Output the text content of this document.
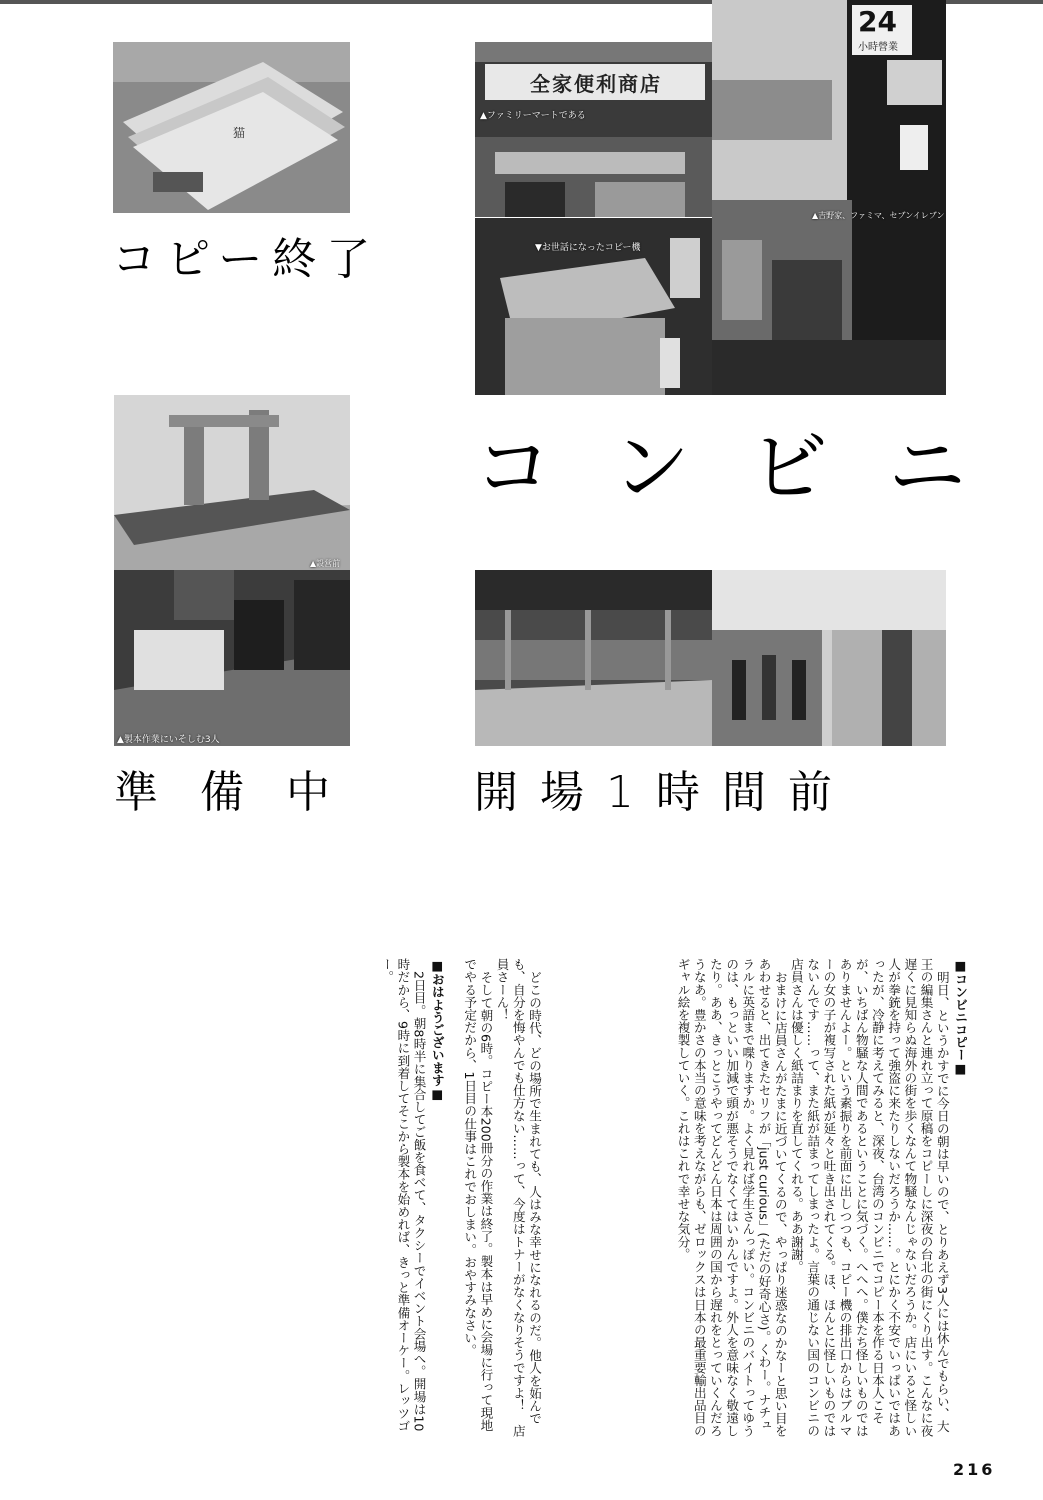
猫
全家便利商店
▲ファミリーマートである
24
小時營業
▲吉野家、ファミマ、セブンイレブン
▼お世話になったコピー機
コピー終了
▲設営前
コンビニ
▲製本作業にいそしむ3人
準備中 開場1時間前

■コンビニコピー■

明日、というかすでに今日の朝は早いので、とりあえず3人には休んでもらい、大王の編集さんと連れ立って原稿をコピーしに深夜の台北の街にくり出す。こんなに夜遅くに見知らぬ海外の街を歩くなんて物騒なんじゃないだろうか。店にいると怪しい人が拳銃を持って強盗に来たりしないだろうか……。とにかく不安でいっぱいではあったが、冷静に考えてみると、深夜、台湾のコンビニでコピー本を作る日本人こそが、いちばん物騒な人間であるということに気づく。へへへ。僕たち怪しいものではありませんよー。という素振りを前面に出しつつも、コピー機の排出口からはブルマーの女の子が複写された紙が延々と吐き出されてくる。ほ、ほんとに怪しいものではないんです……って、また紙が詰まってしまったよ。言葉の通じない国のコンビニの店員さんは優しく紙詰まりを直してくれる。ああ謝謝。

おまけに店員さんがたまに近づいてくるので、やっぱり迷惑なのかなーと思い目をあわせると、出てきたセリフが「just curious」(ただの好奇心さ)。くわー。ナチュラルに英語まで喋りますか。よく見れば学生さんっぽい。コンビニのバイトってゆうのは、もっといい加減で頭が悪そうでなくてはいかんですよ。外人を意味なく敬遠したり。ああ、きっとこうやってどんどん日本は周囲の国から遅れをとっていくんだろうなあ。豊かさの本当の意味を考えながらも、ゼロックスは日本の最重要輸出品目のギャル絵を複製していく。これはこれで幸せな気分。

どこの時代、どの場所で生まれても、人はみな幸せになれるのだ。他人を妬んでも、自分を悔やんでも仕方ない……って、今度はトナーがなくなりそうですよ！　店員さーん！

そして朝の6時。コピー本200冊分の作業は終了。製本は早めに会場に行って現地でやる予定だから、1日目の仕事はこれでおしまい。おやすみなさい。

■おはようございます■

2日目。朝8時半に集合してご飯を食べて、タクシーでイベント会場へ。開場は10時だから、9時に到着してそこから製本を始めれば、きっと準備オーケー。レッツゴー。

216
